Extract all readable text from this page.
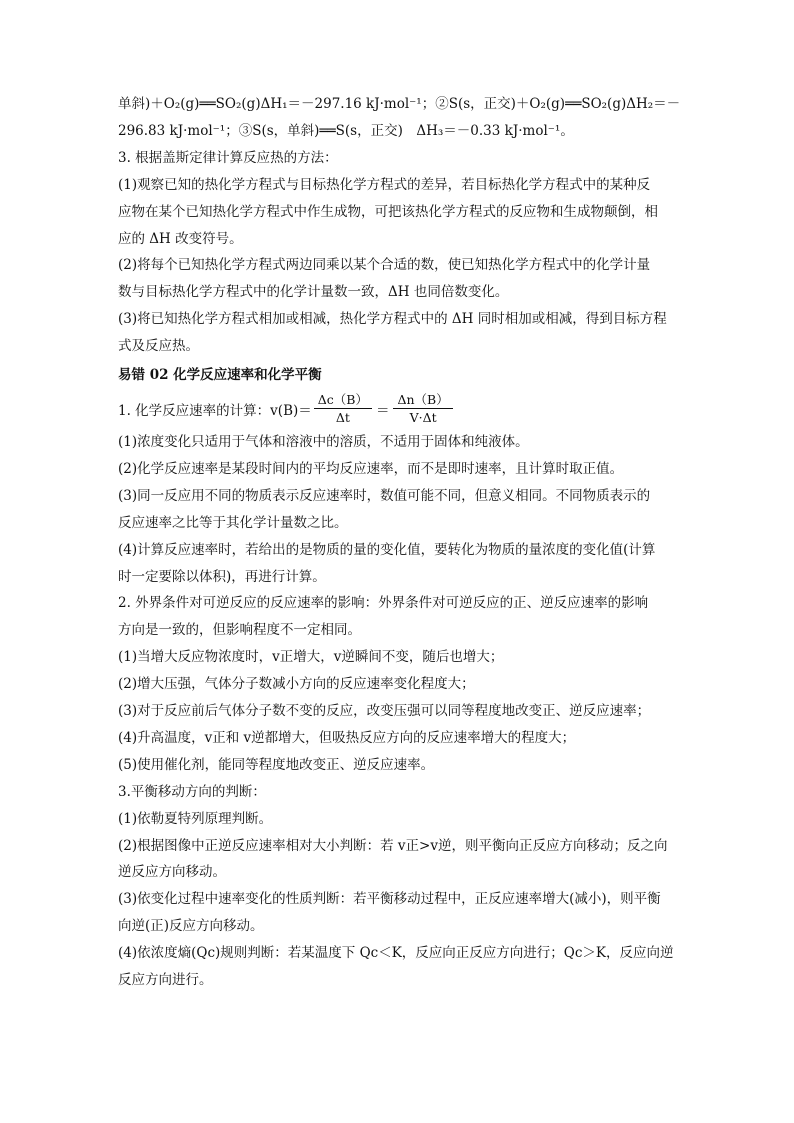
单斜)＋O₂(g)══SO₂(g)ΔH₁＝－297.16 kJ·mol⁻¹；②S(s，正交)＋O₂(g)══SO₂(g)ΔH₂＝－
296.83 kJ·mol⁻¹；③S(s，单斜)══S(s，正交)　ΔH₃＝－0.33 kJ·mol⁻¹。
3. 根据盖斯定律计算反应热的方法：
(1)观察已知的热化学方程式与目标热化学方程式的差异，若目标热化学方程式中的某种反
应物在某个已知热化学方程式中作生成物，可把该热化学方程式的反应物和生成物颠倒，相
应的 ΔH 改变符号。
(2)将每个已知热化学方程式两边同乘以某个合适的数，使已知热化学方程式中的化学计量
数与目标热化学方程式中的化学计量数一致，ΔH 也同倍数变化。
(3)将已知热化学方程式相加或相减，热化学方程式中的 ΔH 同时相加或相减，得到目标方程
式及反应热。
易错 02 化学反应速率和化学平衡
1. 化学反应速率的计算：$v(B)= \frac{\Delta c(B)}{\Delta t} = \frac{\Delta n(B)}{V\cdot\Delta t}$
(1)浓度变化只适用于气体和溶液中的溶质，不适用于固体和纯液体。
(2)化学反应速率是某段时间内的平均反应速率，而不是即时速率，且计算时取正值。
(3)同一反应用不同的物质表示反应速率时，数值可能不同，但意义相同。不同物质表示的
反应速率之比等于其化学计量数之比。
(4)计算反应速率时，若给出的是物质的量的变化值，要转化为物质的量浓度的变化值(计算
时一定要除以体积)，再进行计算。
2. 外界条件对可逆反应的反应速率的影响：外界条件对可逆反应的正、逆反应速率的影响
方向是一致的，但影响程度不一定相同。
(1)当增大反应物浓度时，v正增大，v逆瞬间不变，随后也增大；
(2)增大压强，气体分子数减小方向的反应速率变化程度大；
(3)对于反应前后气体分子数不变的反应，改变压强可以同等程度地改变正、逆反应速率；
(4)升高温度，v正和 v逆都增大，但吸热反应方向的反应速率增大的程度大；
(5)使用催化剂，能同等程度地改变正、逆反应速率。
3.平衡移动方向的判断：
(1)依勒夏特列原理判断。
(2)根据图像中正逆反应速率相对大小判断：若 v正>v逆，则平衡向正反应方向移动；反之向
逆反应方向移动。
(3)依变化过程中速率变化的性质判断：若平衡移动过程中，正反应速率增大(减小)，则平衡
向逆(正)反应方向移动。
(4)依浓度熵(Qc)规则判断：若某温度下 Qc＜K，反应向正反应方向进行；Qc＞K，反应向逆
反应方向进行。
